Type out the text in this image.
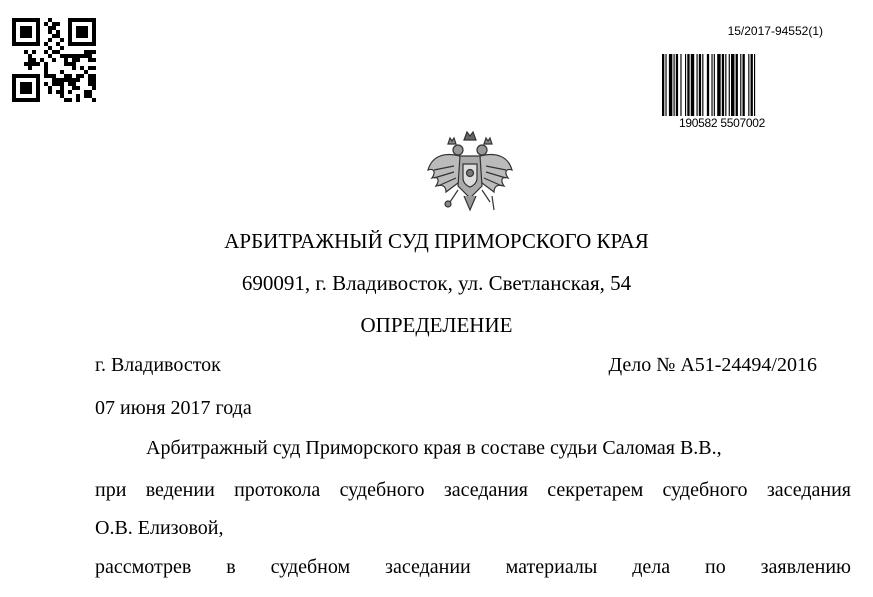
15/2017-94552(1)
190582 5507002
АРБИТРАЖНЫЙ СУД ПРИМОРСКОГО КРАЯ
690091, г. Владивосток, ул. Светланская, 54
ОПРЕДЕЛЕНИЕ
г. Владивосток	Дело № А51-24494/2016
07 июня 2017 года
Арбитражный суд Приморского края в составе судьи Саломая В.В.,
при ведении протокола судебного заседания секретарем судебного заседания
О.В. Елизовой,
рассмотрев в судебном заседании материалы дела по заявлению
